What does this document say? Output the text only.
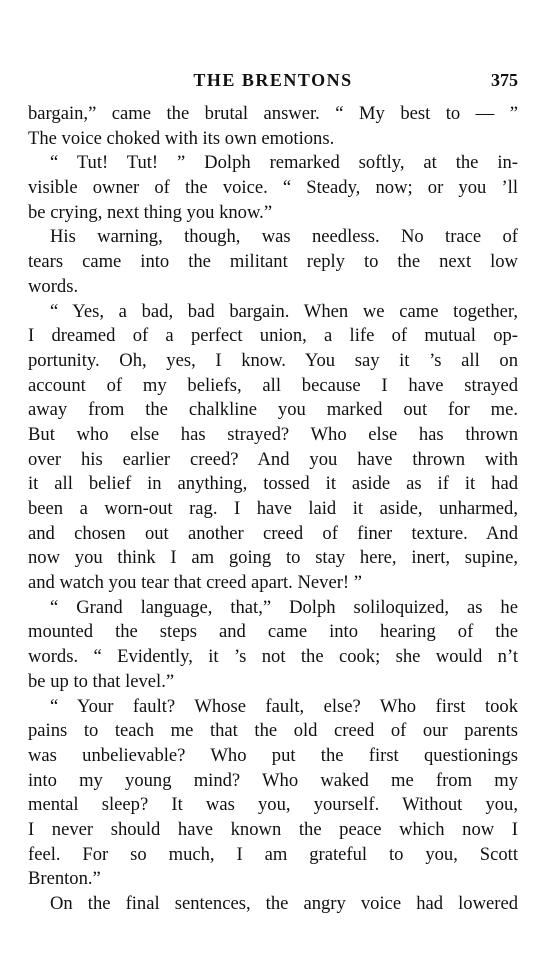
THE BRENTONS	375
bargain,” came the brutal answer. “ My best to — ”
The voice choked with its own emotions.
“ Tut! Tut! ” Dolph remarked softly, at the in-
visible owner of the voice. “ Steady, now; or you ’ll
be crying, next thing you know.”
His warning, though, was needless. No trace of
tears came into the militant reply to the next low
words.
“ Yes, a bad, bad bargain. When we came together,
I dreamed of a perfect union, a life of mutual op-
portunity. Oh, yes, I know. You say it ’s all on
account of my beliefs, all because I have strayed
away from the chalkline you marked out for me.
But who else has strayed? Who else has thrown
over his earlier creed? And you have thrown with
it all belief in anything, tossed it aside as if it had
been a worn-out rag. I have laid it aside, unharmed,
and chosen out another creed of finer texture. And
now you think I am going to stay here, inert, supine,
and watch you tear that creed apart. Never! ”
“ Grand language, that,” Dolph soliloquized, as he
mounted the steps and came into hearing of the
words. “ Evidently, it ’s not the cook; she would n’t
be up to that level.”
“ Your fault? Whose fault, else? Who first took
pains to teach me that the old creed of our parents
was unbelievable? Who put the first questionings
into my young mind? Who waked me from my
mental sleep? It was you, yourself. Without you,
I never should have known the peace which now I
feel. For so much, I am grateful to you, Scott
Brenton.”
On the final sentences, the angry voice had lowered
